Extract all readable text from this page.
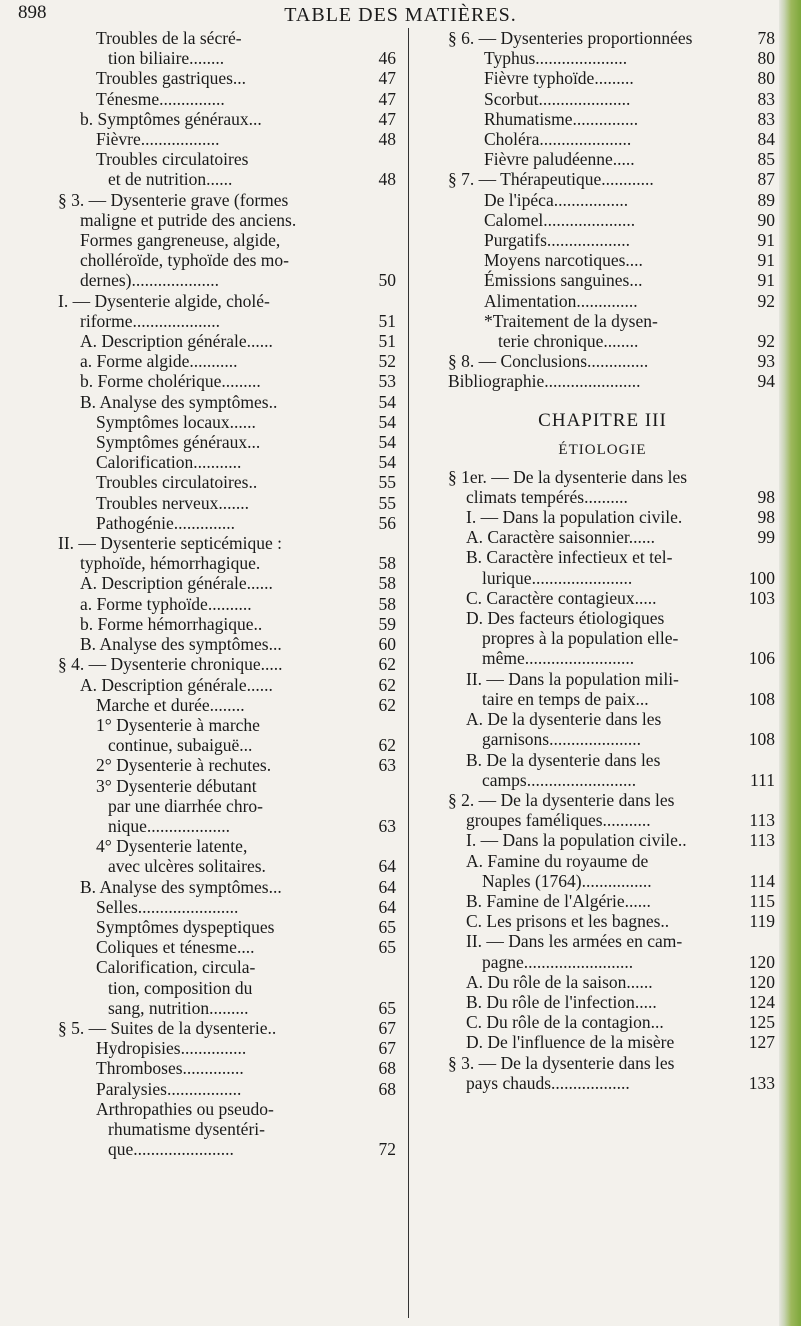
898	TABLE DES MATIÈRES.
Troubles de la sécré-
tion biliaire........	46
Troubles gastriques...	47
Ténesme...............	47
b. Symptômes généraux...	47
Fièvre..................	48
Troubles circulatoires
et de nutrition......	48
§ 3. — Dysenterie grave (formes
maligne et putride des anciens.
Formes gangreneuse, algide,
cholléroïde, typhoïde des mo-
dernes)....................	50
I. — Dysenterie algide, cholé-
riforme....................	51
A. Description générale......	51
a. Forme algide...........	52
b. Forme cholérique.........	53
B. Analyse des symptômes..	54
Symptômes locaux......	54
Symptômes généraux...	54
Calorification...........	54
Troubles circulatoires..	55
Troubles nerveux.......	55
Pathogénie..............	56
II. — Dysenterie septicémique :
typhoïde, hémorrhagique.	58
A. Description générale......	58
a. Forme typhoïde..........	58
b. Forme hémorrhagique..	59
B. Analyse des symptômes...	60
§ 4. — Dysenterie chronique.....	62
A. Description générale......	62
Marche et durée........	62
1° Dysenterie à marche
continue, subaiguë...	62
2° Dysenterie à rechutes.	63
3° Dysenterie débutant
par une diarrhée chro-
nique...................	63
4° Dysenterie latente,
avec ulcères solitaires.	64
B. Analyse des symptômes...	64
Selles.......................	64
Symptômes dyspeptiques	65
Coliques et ténesme....	65
Calorification, circula-
tion, composition du
sang, nutrition.........	65
§ 5. — Suites de la dysenterie..	67
Hydropisies...............	67
Thromboses..............	68
Paralysies.................	68
Arthropathies ou pseudo-
rhumatisme dysentéri-
que.......................	72
§ 6. — Dysenteries proportionnées	78
Typhus.....................	80
Fièvre typhoïde.........	80
Scorbut.....................	83
Rhumatisme...............	83
Choléra.....................	84
Fièvre paludéenne.....	85
§ 7. — Thérapeutique............	87
De l'ipéca.................	89
Calomel.....................	90
Purgatifs...................	91
Moyens narcotiques....	91
Émissions sanguines...	91
Alimentation..............	92
*Traitement de la dysen-
terie chronique........	92
§ 8. — Conclusions..............	93
Bibliographie......................	94
CHAPITRE III
ÉTIOLOGIE
§ 1er. — De la dysenterie dans les
climats tempérés..........	98
I. — Dans la population civile.	98
A. Caractère saisonnier......	99
B. Caractère infectieux et tel-
lurique.......................	100
C. Caractère contagieux.....	103
D. Des facteurs étiologiques
propres à la population elle-
même.........................	106
II. — Dans la population mili-
taire en temps de paix...	108
A. De la dysenterie dans les
garnisons.....................	108
B. De la dysenterie dans les
camps.........................	111
§ 2. — De la dysenterie dans les
groupes faméliques...........	113
I. — Dans la population civile..	113
A. Famine du royaume de
Naples (1764)................	114
B. Famine de l'Algérie......	115
C. Les prisons et les bagnes..	119
II. — Dans les armées en cam-
pagne.........................	120
A. Du rôle de la saison......	120
B. Du rôle de l'infection.....	124
C. Du rôle de la contagion...	125
D. De l'influence de la misère	127
§ 3. — De la dysenterie dans les
pays chauds..................	133
